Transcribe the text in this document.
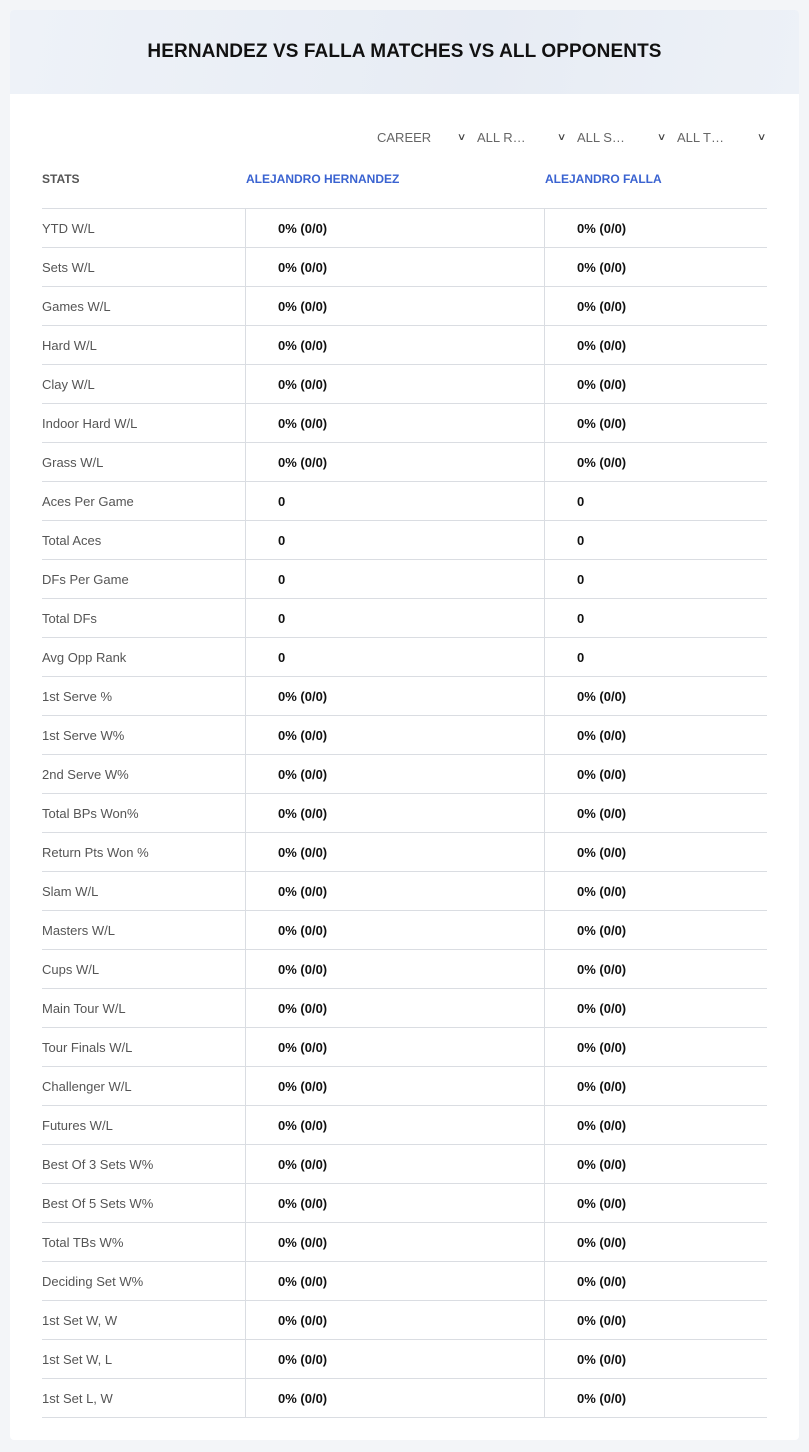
HERNANDEZ VS FALLA MATCHES VS ALL OPPONENTS
CAREER	∨ ALL R…	∨ ALL S…	∨ ALL T…	∨
STATS	ALEJANDRO HERNANDEZ	ALEJANDRO FALLA
YTD W/L	0% (0/0)	0% (0/0)
Sets W/L	0% (0/0)	0% (0/0)
Games W/L	0% (0/0)	0% (0/0)
Hard W/L	0% (0/0)	0% (0/0)
Clay W/L	0% (0/0)	0% (0/0)
Indoor Hard W/L	0% (0/0)	0% (0/0)
Grass W/L	0% (0/0)	0% (0/0)
Aces Per Game	0	0
Total Aces	0	0
DFs Per Game	0	0
Total DFs	0	0
Avg Opp Rank	0	0
1st Serve %	0% (0/0)	0% (0/0)
1st Serve W%	0% (0/0)	0% (0/0)
2nd Serve W%	0% (0/0)	0% (0/0)
Total BPs Won%	0% (0/0)	0% (0/0)
Return Pts Won %	0% (0/0)	0% (0/0)
Slam W/L	0% (0/0)	0% (0/0)
Masters W/L	0% (0/0)	0% (0/0)
Cups W/L	0% (0/0)	0% (0/0)
Main Tour W/L	0% (0/0)	0% (0/0)
Tour Finals W/L	0% (0/0)	0% (0/0)
Challenger W/L	0% (0/0)	0% (0/0)
Futures W/L	0% (0/0)	0% (0/0)
Best Of 3 Sets W%	0% (0/0)	0% (0/0)
Best Of 5 Sets W%	0% (0/0)	0% (0/0)
Total TBs W%	0% (0/0)	0% (0/0)
Deciding Set W%	0% (0/0)	0% (0/0)
1st Set W, W	0% (0/0)	0% (0/0)
1st Set W, L	0% (0/0)	0% (0/0)
1st Set L, W	0% (0/0)	0% (0/0)
